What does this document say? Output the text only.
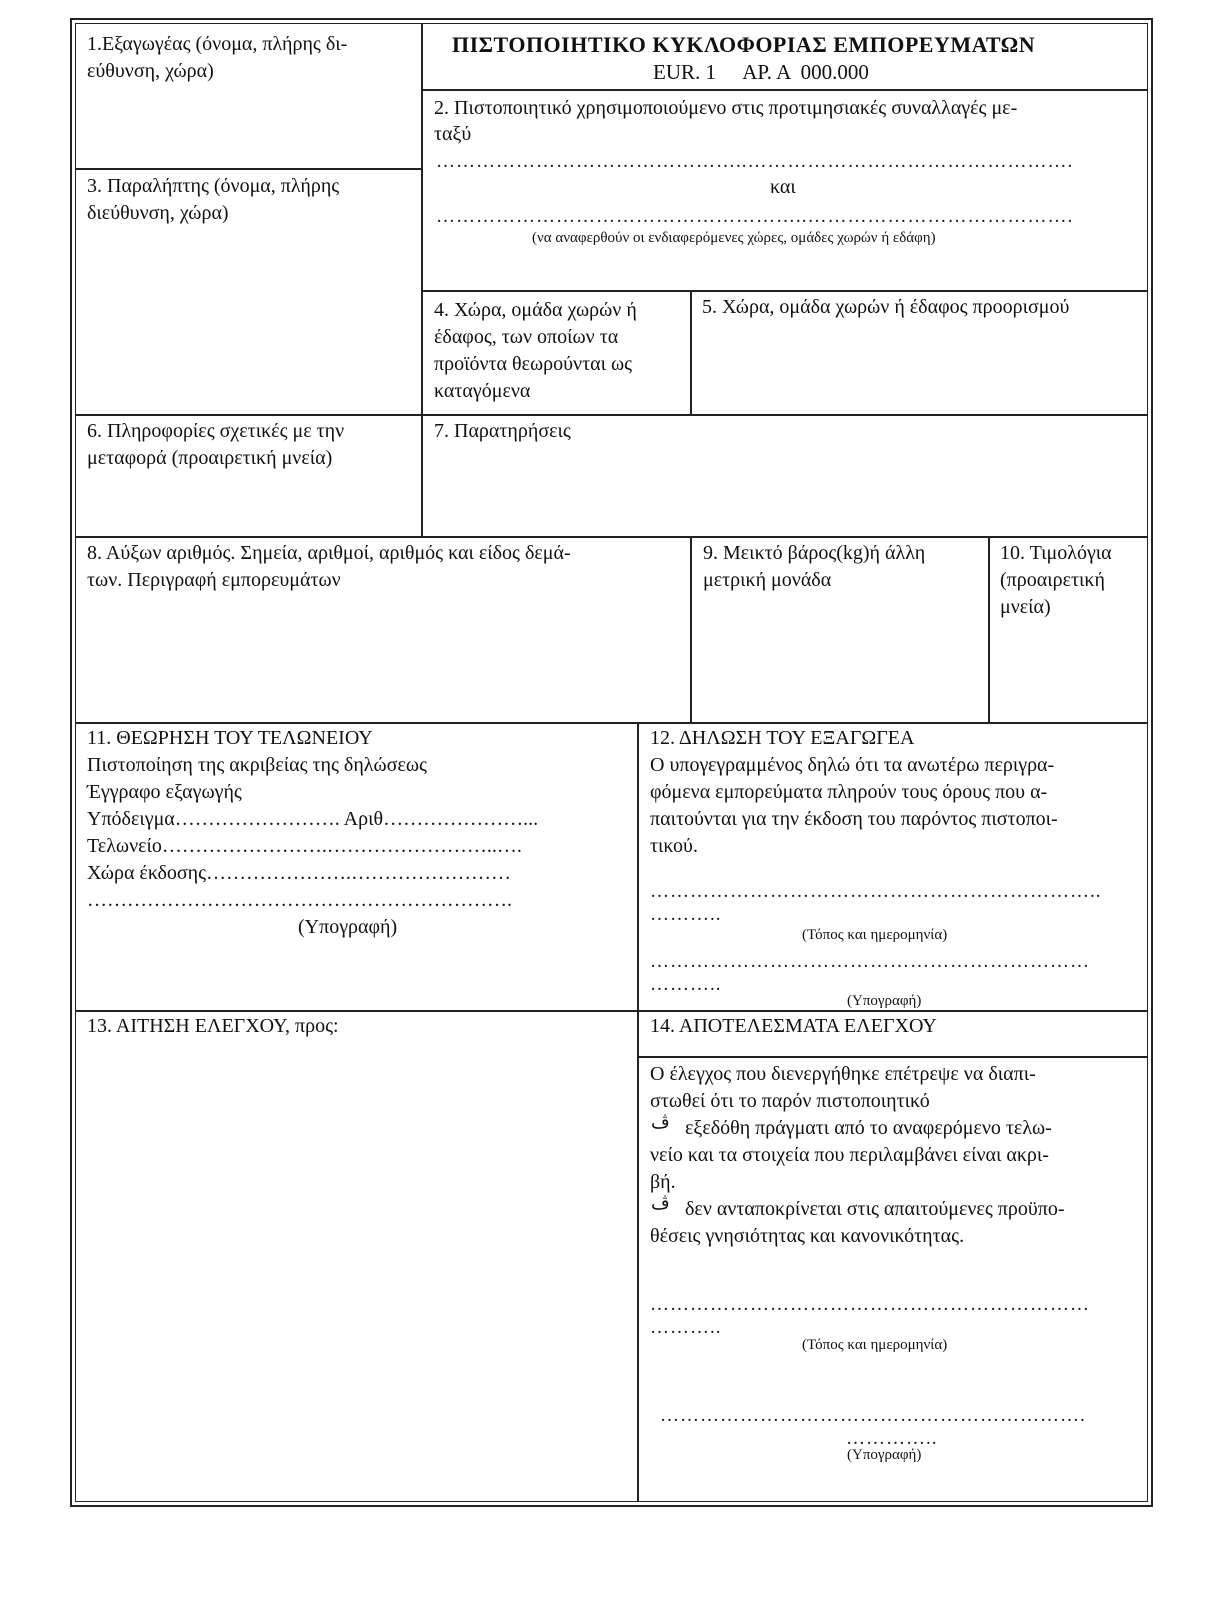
1.Εξαγωγέας (όνομα, πλήρης δι-
εύθυνση, χώρα)
ΠΙΣΤΟΠΟΙΗΤΙΚΟ ΚΥΚΛΟΦΟΡΙΑΣ ΕΜΠΟΡΕΥΜΑΤΩΝ
EUR. 1     ΑΡ. Α  000.000
2. Πιστοποιητικό χρησιμοποιούμενο στις προτιμησιακές συναλλαγές με-
ταξύ
………………………………………..………………………………………….
και
………………………………………………..………………………………….
(να αναφερθούν οι ενδιαφερόμενες χώρες, ομάδες χωρών ή εδάφη)
3. Παραλήπτης (όνομα, πλήρης
διεύθυνση, χώρα)
4. Χώρα, ομάδα χωρών ή
έδαφος, των οποίων τα
προϊόντα θεωρούνται ως
καταγόμενα
5. Χώρα, ομάδα χωρών ή έδαφος προορισμού
6. Πληροφορίες σχετικές με την
μεταφορά (προαιρετική μνεία)
7. Παρατηρήσεις
8. Αύξων αριθμός. Σημεία, αριθμοί, αριθμός και είδος δεμά-
των. Περιγραφή εμπορευμάτων
9. Μεικτό βάρος(kg)ή άλλη
μετρική μονάδα
10. Τιμολόγια
(προαιρετική
μνεία)
11. ΘΕΩΡΗΣΗ ΤΟΥ ΤΕΛΩΝΕΙΟΥ
Πιστοποίηση της ακριβείας της δηλώσεως
Έγγραφο εξαγωγής
Υπόδειγμα……………………. Αριθ…………………...
Τελωνείο…………………….……………………..….
Χώρα έκδοσης………………….……………………
……………………………………………………….
(Υπογραφή)
12. ΔΗΛΩΣΗ ΤΟΥ ΕΞΑΓΩΓΕΑ
Ο υπογεγραμμένος δηλώ ότι τα ανωτέρω περιγρα-
φόμενα εμπορεύματα πληρούν τους όρους που α-
παιτούνται για την έκδοση του παρόντος πιστοποι-
τικού.
…………………………………………………………..
………..
(Τόπος και ημερομηνία)
…………………………………………………………
………..
(Υπογραφή)
13. ΑΙΤΗΣΗ ΕΛΕΓΧΟΥ, προς:	14. ΑΠΟΤΕΛΕΣΜΑΤΑ ΕΛΕΓΧΟΥ
Ο έλεγχος που διενεργήθηκε επέτρεψε να διαπι-
στωθεί ότι το παρόν πιστοποιητικό
ڤ εξεδόθη πράγματι από το αναφερόμενο τελω-
νείο και τα στοιχεία που περιλαμβάνει είναι ακρι-
βή.
ڤ δεν ανταποκρίνεται στις απαιτούμενες προϋπο-
θέσεις γνησιότητας και κανονικότητας.
…………………………………………………………
………..
(Τόπος και ημερομηνία)
……………………………………………………….
…………..
(Υπογραφή)
